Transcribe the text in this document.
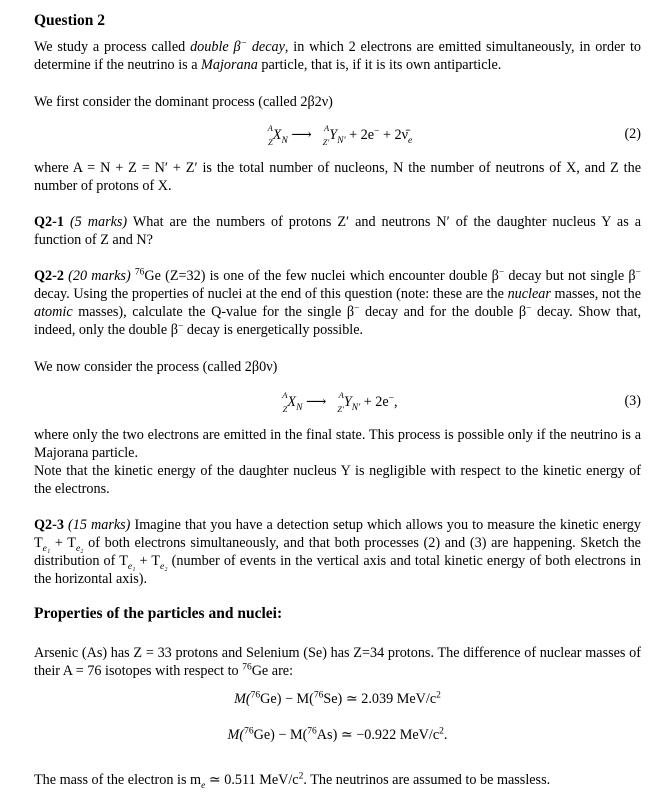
Question 2

We study a process called double β− decay, in which 2 electrons are emitted simultaneously, in order to determine if the neutrino is a Majorana particle, that is, if it is its own antiparticle.

We first consider the dominant process (called 2β2ν)

A
Z $X_N$ ⟶ A
Z′ $Y_{N'} + 2e^-$ + $2\nū_e$	(2)

where A = N + Z = N′ + Z′ is the total number of nucleons, N the number of neutrons of X, and Z the number of protons of X.

Q2-1 (5 marks) What are the numbers of protons Z′ and neutrons N′ of the daughter nucleus Y as a function of Z and N?

Q2-2 (20 marks) $^{76}$Ge (Z=32) is one of the few nuclei which encounter double β− decay but not single β− decay. Using the properties of nuclei at the end of this question (note: these are the nuclear masses, not the atomic masses), calculate the Q-value for the single β− decay and for the double β− decay. Show that, indeed, only the double β− decay is energetically possible.

We now consider the process (called 2β0ν)

A
Z $X_N$ ⟶ A
Z′ $Y_{N'} + 2e^-$,	(3)

where only the two electrons are emitted in the final state. This process is possible only if the neutrino is a Majorana particle.
Note that the kinetic energy of the daughter nucleus Y is negligible with respect to the kinetic energy of the electrons.

Q2-3 (15 marks) Imagine that you have a detection setup which allows you to measure the kinetic energy $T_{e_1} + T_{e_2}$ of both electrons simultaneously, and that both processes (2) and (3) are happening. Sketch the distribution of $T_{e_1} + T_{e_2}$ (number of events in the vertical axis and total kinetic energy of both electrons in the horizontal axis).

Properties of the particles and nuclei:

Arsenic (As) has Z = 33 protons and Selenium (Se) has Z=34 protons. The difference of nuclear masses of their A = 76 isotopes with respect to $^{76}$Ge are:

M($^{76}$Ge) − M($^{76}$Se) ≃ 2.039 MeV/$c^2$
M($^{76}$Ge) − M($^{76}$As) ≃ −0.922 MeV/$c^2$.

The mass of the electron is $m_e$ ≃ 0.511 MeV/$c^2$. The neutrinos are assumed to be massless.
